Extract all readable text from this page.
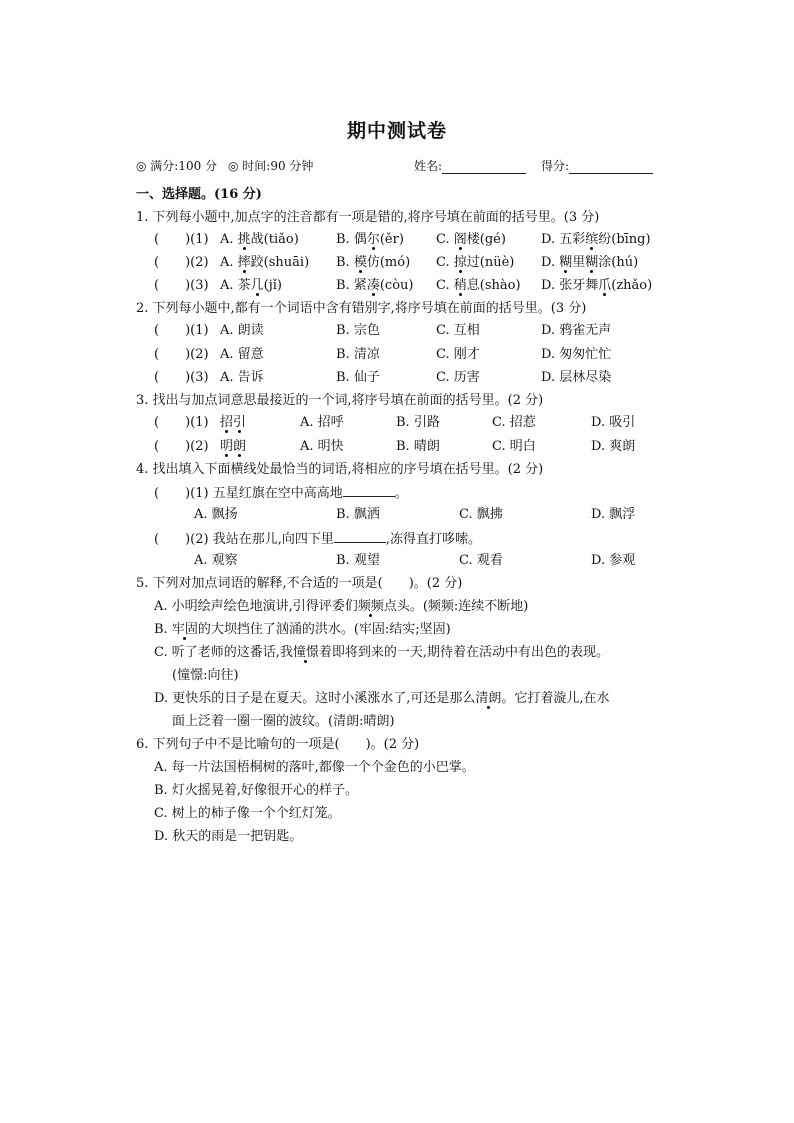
期中测试卷
◎ 满分:100 分 ◎ 时间:90 分钟	姓名:	得分:
一、选择题。(16 分)
1. 下列每小题中,加点字的注音都有一项是错的,将序号填在前面的括号里。(3 分)
(　　)(1) A. 挑战(tiǎo)	B. 偶尔(ěr) C. 阁楼(gé)	D. 五彩缤纷(bīng)
(　　)(2) A. 摔跤(shuāi) B. 模仿(mó) C. 掠过(nüè) D. 糊里糊涂(hú)
(　　)(3) A. 茶几(jǐ)	B. 紧凑(còu) C. 稍息(shào) D. 张牙舞爪(zhǎo)
2. 下列每小题中,都有一个词语中含有错别字,将序号填在前面的括号里。(3 分)
(　　)(1) A. 朗读	B. 宗色	C. 互相	D. 鸦雀无声
(　　)(2) A. 留意	B. 清凉	C. 刚才	D. 匆匆忙忙
(　　)(3) A. 告诉	B. 仙子	C. 历害	D. 层林尽染
3. 找出与加点词意思最接近的一个词,将序号填在前面的括号里。(2 分)
(　　)(1) 招引	A. 招呼	B. 引路	C. 招惹	D. 吸引
(　　)(2) 明朗	A. 明快	B. 晴朗	C. 明白	D. 爽朗
4. 找出填入下面横线处最恰当的词语,将相应的序号填在括号里。(2 分)
(　　)(1) 五星红旗在空中高高地	。
A. 飘扬	B. 飘洒	C. 飘拂	D. 飘浮
(　　)(2) 我站在那儿,向四下里	,冻得直打哆嗦。
A. 观察	B. 观望	C. 观看	D. 参观
5. 下列对加点词语的解释,不合适的一项是(　　)。(2 分)
A. 小明绘声绘色地演讲,引得评委们频频点头。(频频:连续不断地)
B. 牢固的大坝挡住了汹涌的洪水。(牢固:结实;坚固)
C. 听了老师的这番话,我憧憬着即将到来的一天,期待着在活动中有出色的表现。
(憧憬:向往)
D. 更快乐的日子是在夏天。这时小溪涨水了,可还是那么清朗。它打着漩儿,在水
面上泛着一圈一圈的波纹。(清朗:晴朗)
6. 下列句子中不是比喻句的一项是(　　)。(2 分)
A. 每一片法国梧桐树的落叶,都像一个个金色的小巴掌。
B. 灯火摇晃着,好像很开心的样子。
C. 树上的柿子像一个个红灯笼。
D. 秋天的雨是一把钥匙。
